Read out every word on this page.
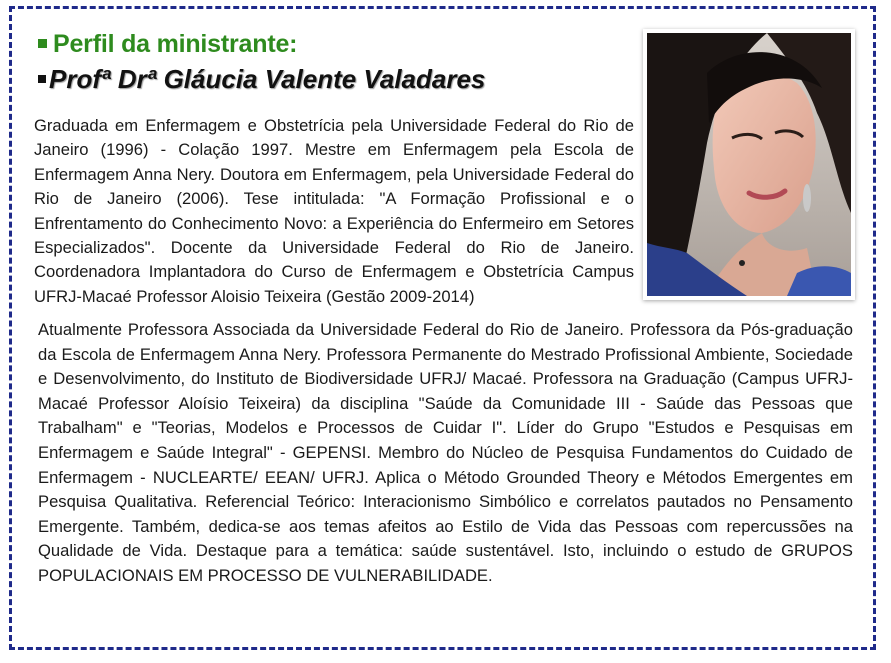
Perfil da ministrante:
Profª Drª Gláucia Valente Valadares
Graduada em Enfermagem e Obstetrícia pela Universidade Federal do Rio de Janeiro (1996) - Colação 1997. Mestre em Enfermagem pela Escola de Enfermagem Anna Nery. Doutora em Enfermagem, pela Universidade Federal do Rio de Janeiro (2006). Tese intitulada: "A Formação Profissional e o Enfrentamento do Conhecimento Novo: a Experiência do Enfermeiro em Setores Especializados". Docente da Universidade Federal do Rio de Janeiro. Coordenadora Implantadora do Curso de Enfermagem e Obstetrícia Campus UFRJ-Macaé Professor Aloisio Teixeira (Gestão 2009-2014)
Atualmente Professora Associada da Universidade Federal do Rio de Janeiro. Professora da Pós-graduação da Escola de Enfermagem Anna Nery. Professora Permanente do Mestrado Profissional Ambiente, Sociedade e Desenvolvimento, do Instituto de Biodiversidade UFRJ/ Macaé. Professora na Graduação (Campus UFRJ-Macaé Professor Aloísio Teixeira) da disciplina "Saúde da Comunidade III - Saúde das Pessoas que Trabalham" e "Teorias, Modelos e Processos de Cuidar I". Líder do Grupo "Estudos e Pesquisas em Enfermagem e Saúde Integral" - GEPENSI. Membro do Núcleo de Pesquisa Fundamentos do Cuidado de Enfermagem - NUCLEARTE/ EEAN/ UFRJ. Aplica o Método Grounded Theory e Métodos Emergentes em Pesquisa Qualitativa. Referencial Teórico: Interacionismo Simbólico e correlatos pautados no Pensamento Emergente. Também, dedica-se aos temas afeitos ao Estilo de Vida das Pessoas com repercussões na Qualidade de Vida. Destaque para a temática: saúde sustentável. Isto, incluindo o estudo de GRUPOS POPULACIONAIS EM PROCESSO DE VULNERABILIDADE.
